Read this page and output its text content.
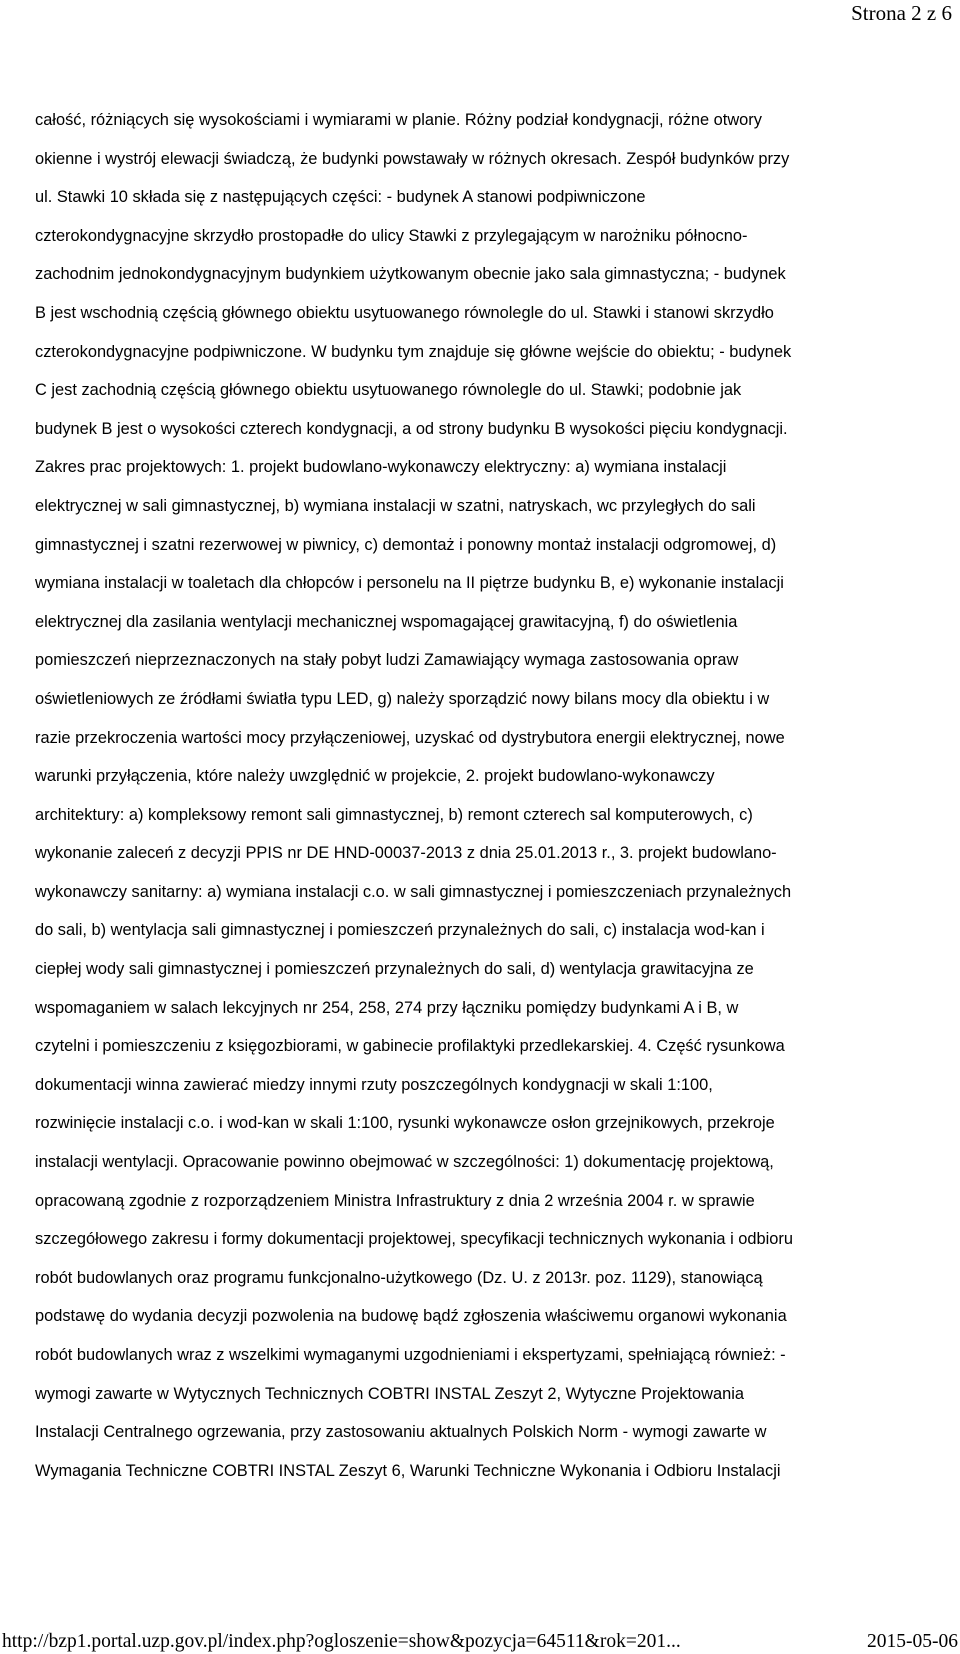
Strona 2 z 6
całość, różniących się wysokościami i wymiarami w planie. Różny podział kondygnacji, różne otwory
okienne i wystrój elewacji świadczą, że budynki powstawały w różnych okresach. Zespół budynków przy
ul. Stawki 10 składa się z następujących części: - budynek A stanowi podpiwniczone
czterokondygnacyjne skrzydło prostopadłe do ulicy Stawki z przylegającym w narożniku północno-
zachodnim jednokondygnacyjnym budynkiem użytkowanym obecnie jako sala gimnastyczna; - budynek
B jest wschodnią częścią głównego obiektu usytuowanego równolegle do ul. Stawki i stanowi skrzydło
czterokondygnacyjne podpiwniczone. W budynku tym znajduje się główne wejście do obiektu; - budynek
C jest zachodnią częścią głównego obiektu usytuowanego równolegle do ul. Stawki; podobnie jak
budynek B jest o wysokości czterech kondygnacji, a od strony budynku B wysokości pięciu kondygnacji.
Zakres prac projektowych: 1. projekt budowlano-wykonawczy elektryczny: a) wymiana instalacji
elektrycznej w sali gimnastycznej, b) wymiana instalacji w szatni, natryskach, wc przyległych do sali
gimnastycznej i szatni rezerwowej w piwnicy, c) demontaż i ponowny montaż instalacji odgromowej, d)
wymiana instalacji w toaletach dla chłopców i personelu na II piętrze budynku B, e) wykonanie instalacji
elektrycznej dla zasilania wentylacji mechanicznej wspomagającej grawitacyjną, f) do oświetlenia
pomieszczeń nieprzeznaczonych na stały pobyt ludzi Zamawiający wymaga zastosowania opraw
oświetleniowych ze źródłami światła typu LED, g) należy sporządzić nowy bilans mocy dla obiektu i w
razie przekroczenia wartości mocy przyłączeniowej, uzyskać od dystrybutora energii elektrycznej, nowe
warunki przyłączenia, które należy uwzględnić w projekcie, 2. projekt budowlano-wykonawczy
architektury: a) kompleksowy remont sali gimnastycznej, b) remont czterech sal komputerowych, c)
wykonanie zaleceń z decyzji PPIS nr DE HND-00037-2013 z dnia 25.01.2013 r., 3. projekt budowlano-
wykonawczy sanitarny: a) wymiana instalacji c.o. w sali gimnastycznej i pomieszczeniach przynależnych
do sali, b) wentylacja sali gimnastycznej i pomieszczeń przynależnych do sali, c) instalacja wod-kan i
ciepłej wody sali gimnastycznej i pomieszczeń przynależnych do sali, d) wentylacja grawitacyjna ze
wspomaganiem w salach lekcyjnych nr 254, 258, 274 przy łączniku pomiędzy budynkami A i B, w
czytelni i pomieszczeniu z księgozbiorami, w gabinecie profilaktyki przedlekarskiej. 4. Część rysunkowa
dokumentacji winna zawierać miedzy innymi rzuty poszczególnych kondygnacji w skali 1:100,
rozwinięcie instalacji c.o. i wod-kan w skali 1:100, rysunki wykonawcze osłon grzejnikowych, przekroje
instalacji wentylacji. Opracowanie powinno obejmować w szczególności: 1) dokumentację projektową,
opracowaną zgodnie z rozporządzeniem Ministra Infrastruktury z dnia 2 września 2004 r. w sprawie
szczegółowego zakresu i formy dokumentacji projektowej, specyfikacji technicznych wykonania i odbioru
robót budowlanych oraz programu funkcjonalno-użytkowego (Dz. U. z 2013r. poz. 1129), stanowiącą
podstawę do wydania decyzji pozwolenia na budowę bądź zgłoszenia właściwemu organowi wykonania
robót budowlanych wraz z wszelkimi wymaganymi uzgodnieniami i ekspertyzami, spełniającą również: -
wymogi zawarte w Wytycznych Technicznych COBTRI INSTAL Zeszyt 2, Wytyczne Projektowania
Instalacji Centralnego ogrzewania, przy zastosowaniu aktualnych Polskich Norm - wymogi zawarte w
Wymagania Techniczne COBTRI INSTAL Zeszyt 6, Warunki Techniczne Wykonania i Odbioru Instalacji
http://bzp1.portal.uzp.gov.pl/index.php?ogloszenie=show&pozycja=64511&rok=201...	2015-05-06
